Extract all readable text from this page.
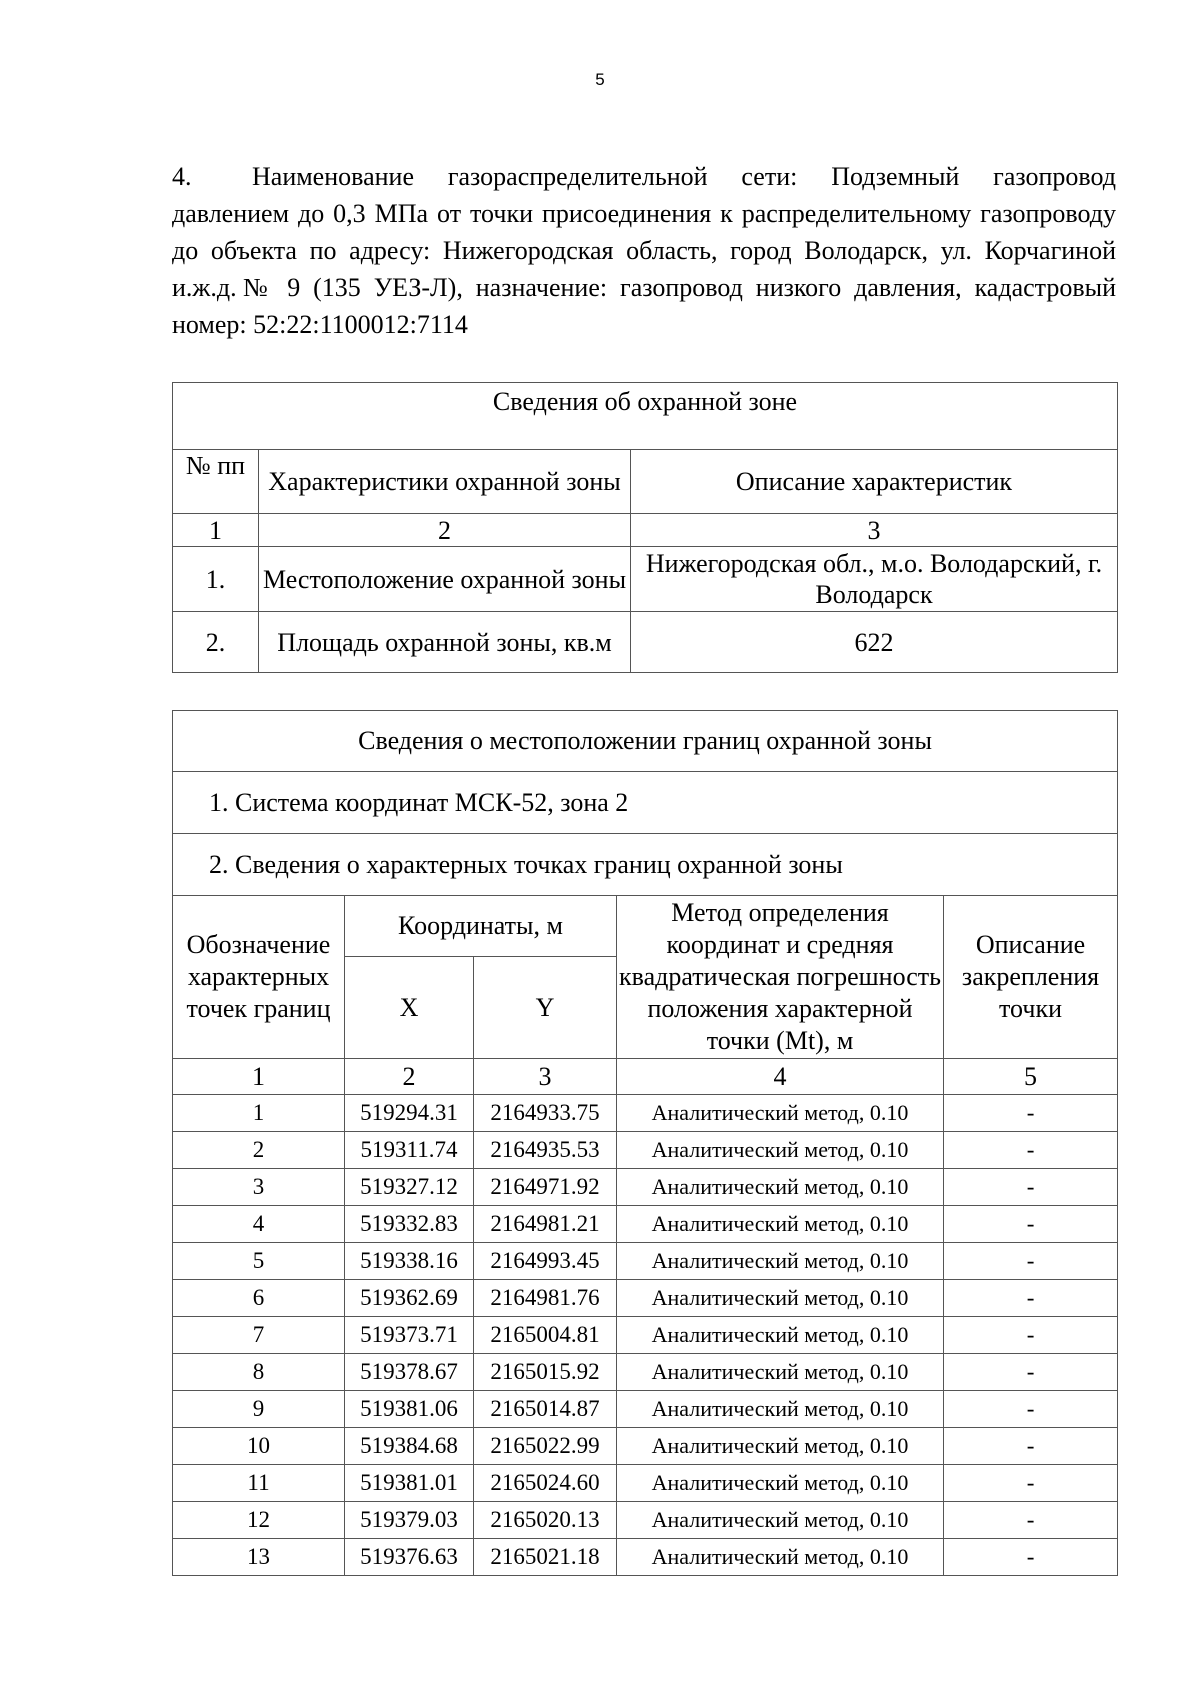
5
4. Наименование газораспределительной сети: Подземный газопровод давлением до 0,3 МПа от точки присоединения к распределительному газопроводу до объекта по адресу: Нижегородская область, город Володарск, ул. Корчагиной и.ж.д.№ 9 (135 УЕЗ-Л), назначение: газопровод низкого давления, кадастровый номер: 52:22:1100012:7114
Сведения об охранной зоне		
№ пп	Характеристики охранной зоны	Описание характеристик
1	2	3
1.	Местоположение охранной зоны	Нижегородская обл., м.о. Володарский, г. Володарск
2.	Площадь охранной зоны, кв.м	622
Сведения о местоположении границ охранной зоны				
1. Система координат МСК-52, зона 2				
2. Сведения о характерных точках границ охранной зоны				
Обозначение характерных точек границ	Координаты, м		Метод определения координат и средняя квадратическая погрешность положения характерной точки (Mt), м	Описание закрепления точки
	X	Y		
1	2	3	4	5
1	519294.31	2164933.75	Аналитический метод, 0.10	-
2	519311.74	2164935.53	Аналитический метод, 0.10	-
3	519327.12	2164971.92	Аналитический метод, 0.10	-
4	519332.83	2164981.21	Аналитический метод, 0.10	-
5	519338.16	2164993.45	Аналитический метод, 0.10	-
6	519362.69	2164981.76	Аналитический метод, 0.10	-
7	519373.71	2165004.81	Аналитический метод, 0.10	-
8	519378.67	2165015.92	Аналитический метод, 0.10	-
9	519381.06	2165014.87	Аналитический метод, 0.10	-
10	519384.68	2165022.99	Аналитический метод, 0.10	-
11	519381.01	2165024.60	Аналитический метод, 0.10	-
12	519379.03	2165020.13	Аналитический метод, 0.10	-
13	519376.63	2165021.18	Аналитический метод, 0.10	-
